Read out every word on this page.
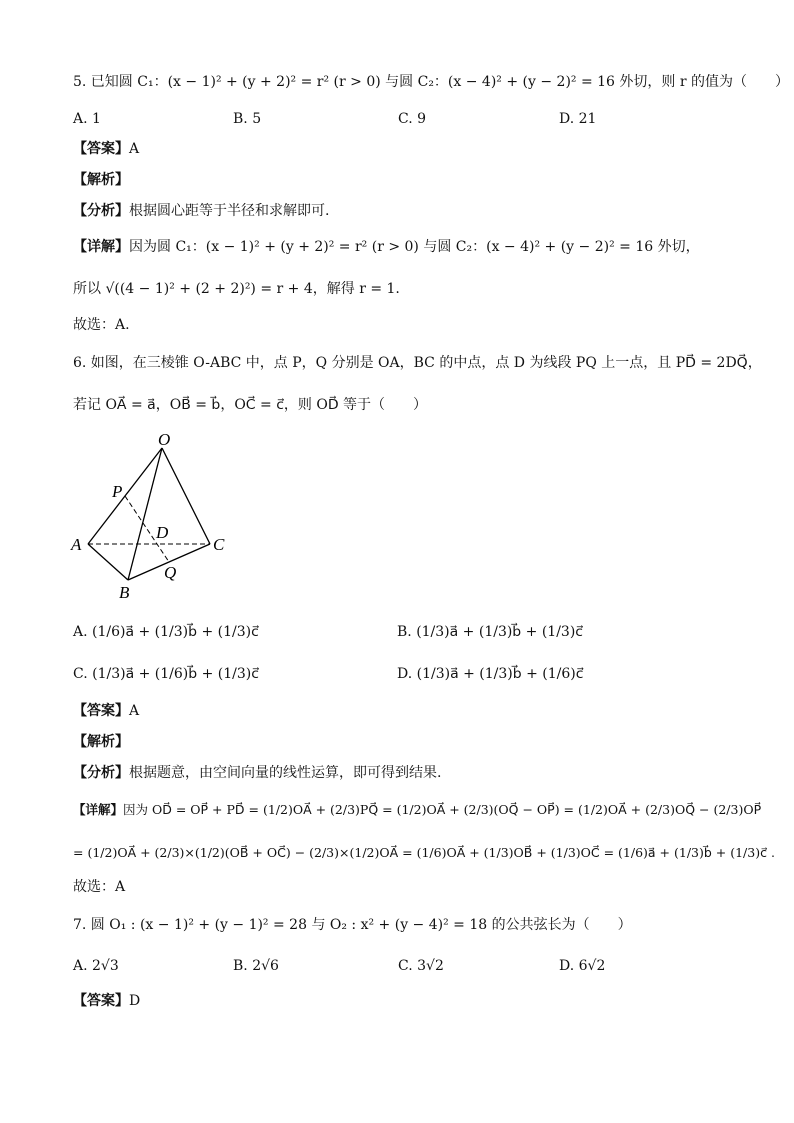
5. 已知圆 C₁：(x − 1)² + (y + 2)² = r² (r > 0) 与圆 C₂：(x − 4)² + (y − 2)² = 16 外切，则 r 的值为（　　）
A. 1	B. 5	C. 9	D. 21
【答案】A
【解析】
【分析】根据圆心距等于半径和求解即可.
【详解】因为圆 C₁：(x − 1)² + (y + 2)² = r² (r > 0) 与圆 C₂：(x − 4)² + (y − 2)² = 16 外切，
所以 √((4 − 1)² + (2 + 2)²) = r + 4，解得 r = 1.
故选：A.
6. 如图，在三棱锥 O-ABC 中，点 P，Q 分别是 OA，BC 的中点，点 D 为线段 PQ 上一点，且 PD⃗ = 2DQ⃗，
若记 OA⃗ = a⃗，OB⃗ = b⃗，OC⃗ = c⃗，则 OD⃗ 等于（　　）
O
P
D
A	C
Q
B
A. (1/6)a⃗ + (1/3)b⃗ + (1/3)c⃗	B. (1/3)a⃗ + (1/3)b⃗ + (1/3)c⃗
C. (1/3)a⃗ + (1/6)b⃗ + (1/3)c⃗	D. (1/3)a⃗ + (1/3)b⃗ + (1/6)c⃗
【答案】A
【解析】
【分析】根据题意，由空间向量的线性运算，即可得到结果.
【详解】因为 OD⃗ = OP⃗ + PD⃗ = (1/2)OA⃗ + (2/3)PQ⃗ = (1/2)OA⃗ + (2/3)(OQ⃗ − OP⃗) = (1/2)OA⃗ + (2/3)OQ⃗ − (2/3)OP⃗
= (1/2)OA⃗ + (2/3)×(1/2)(OB⃗ + OC⃗) − (2/3)×(1/2)OA⃗ = (1/6)OA⃗ + (1/3)OB⃗ + (1/3)OC⃗ = (1/6)a⃗ + (1/3)b⃗ + (1/3)c⃗ .
故选：A
7. 圆 O₁ : (x − 1)² + (y − 1)² = 28 与 O₂ : x² + (y − 4)² = 18 的公共弦长为（　　）
A. 2√3	B. 2√6	C. 3√2	D. 6√2
【答案】D
